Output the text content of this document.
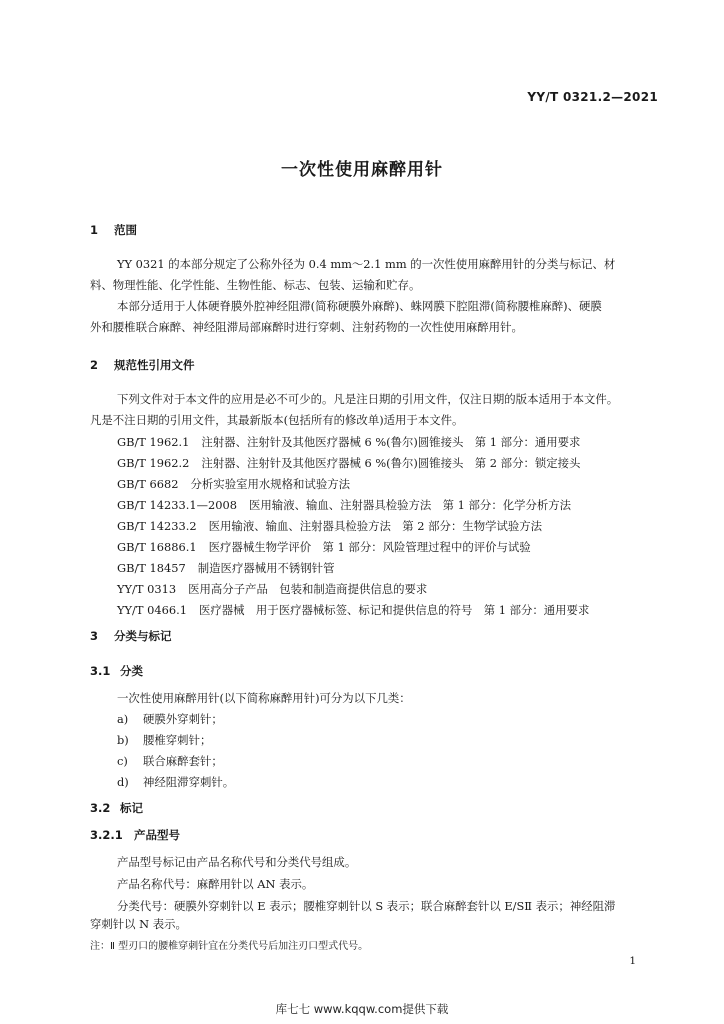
YY/T 0321.2—2021
一次性使用麻醉用针
1 范围
YY 0321 的本部分规定了公称外径为 0.4 mm～2.1 mm 的一次性使用麻醉用针的分类与标记、材
料、物理性能、化学性能、生物性能、标志、包装、运输和贮存。
本部分适用于人体硬脊膜外腔神经阻滞(简称硬膜外麻醉)、蛛网膜下腔阻滞(简称腰椎麻醉)、硬膜
外和腰椎联合麻醉、神经阻滞局部麻醉时进行穿刺、注射药物的一次性使用麻醉用针。
2 规范性引用文件
下列文件对于本文件的应用是必不可少的。凡是注日期的引用文件，仅注日期的版本适用于本文件。
凡是不注日期的引用文件，其最新版本(包括所有的修改单)适用于本文件。
GB/T 1962.1 注射器、注射针及其他医疗器械 6 %(鲁尔)圆锥接头　第 1 部分：通用要求
GB/T 1962.2 注射器、注射针及其他医疗器械 6 %(鲁尔)圆锥接头　第 2 部分：锁定接头
GB/T 6682 分析实验室用水规格和试验方法
GB/T 14233.1—2008 医用输液、输血、注射器具检验方法　第 1 部分：化学分析方法
GB/T 14233.2 医用输液、输血、注射器具检验方法　第 2 部分：生物学试验方法
GB/T 16886.1 医疗器械生物学评价　第 1 部分：风险管理过程中的评价与试验
GB/T 18457 制造医疗器械用不锈钢针管
YY/T 0313 医用高分子产品　包装和制造商提供信息的要求
YY/T 0466.1 医疗器械　用于医疗器械标签、标记和提供信息的符号　第 1 部分：通用要求
3 分类与标记
3.1 分类
一次性使用麻醉用针(以下简称麻醉用针)可分为以下几类：
a) 硬膜外穿刺针；
b) 腰椎穿刺针；
c) 联合麻醉套针；
d) 神经阻滞穿刺针。
3.2 标记
3.2.1 产品型号
产品型号标记由产品名称代号和分类代号组成。
产品名称代号：麻醉用针以 AN 表示。
分类代号：硬膜外穿刺针以 E 表示；腰椎穿刺针以 S 表示；联合麻醉套针以 E/SⅡ 表示；神经阻滞
穿刺针以 N 表示。
注：Ⅱ 型刃口的腰椎穿刺针宜在分类代号后加注刃口型式代号。
1
库七七 www.kqqw.com提供下载
